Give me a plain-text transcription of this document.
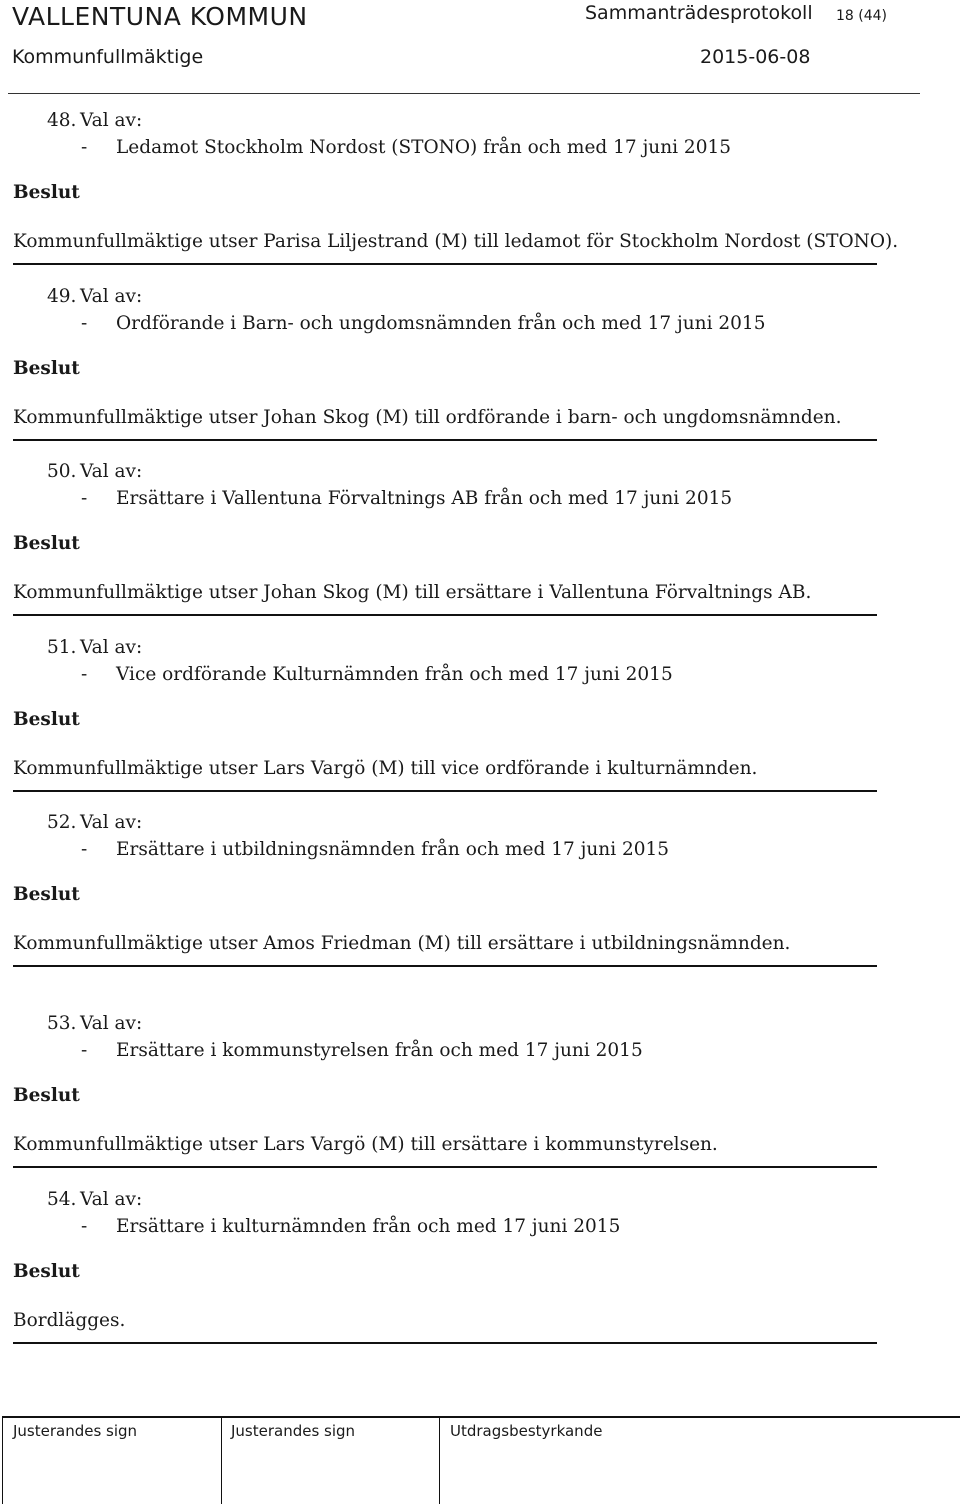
VALLENTUNA KOMMUN	Sammanträdesprotokoll 18 (44)
Kommunfullmäktige	2015-06-08
48. Val av:
- Ledamot Stockholm Nordost (STONO) från och med 17 juni 2015
Beslut
Kommunfullmäktige utser Parisa Liljestrand (M) till ledamot för Stockholm Nordost (STONO).
49. Val av:
- Ordförande i Barn- och ungdomsnämnden från och med 17 juni 2015
Beslut
Kommunfullmäktige utser Johan Skog (M) till ordförande i barn- och ungdomsnämnden.
50. Val av:
- Ersättare i Vallentuna Förvaltnings AB från och med 17 juni 2015
Beslut
Kommunfullmäktige utser Johan Skog (M) till ersättare i Vallentuna Förvaltnings AB.
51. Val av:
- Vice ordförande Kulturnämnden från och med 17 juni 2015
Beslut
Kommunfullmäktige utser Lars Vargö (M) till vice ordförande i kulturnämnden.
52. Val av:
- Ersättare i utbildningsnämnden från och med 17 juni 2015
Beslut
Kommunfullmäktige utser Amos Friedman (M) till ersättare i utbildningsnämnden.
53. Val av:
- Ersättare i kommunstyrelsen från och med 17 juni 2015
Beslut
Kommunfullmäktige utser Lars Vargö (M) till ersättare i kommunstyrelsen.
54. Val av:
- Ersättare i kulturnämnden från och med 17 juni 2015
Beslut
Bordlägges.
Justerandes sign	Justerandes sign	Utdragsbestyrkande
